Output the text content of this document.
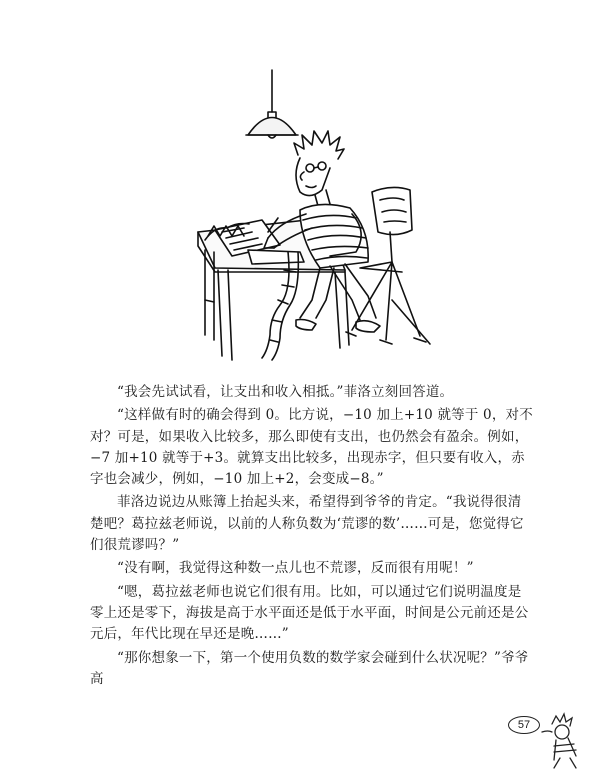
“我会先试试看，让支出和收入相抵。”菲洛立刻回答道。

“这样做有时的确会得到 0。比方说，−10 加上+10 就等于 0，对不对？可是，如果收入比较多，那么即使有支出，也仍然会有盈余。例如，−7 加+10 就等于+3。就算支出比较多，出现赤字，但只要有收入，赤字也会减少，例如，−10 加上+2，会变成−8。”

菲洛边说边从账簿上抬起头来，希望得到爷爷的肯定。“我说得很清楚吧？葛拉兹老师说，以前的人称负数为‘荒谬的数’……可是，您觉得它们很荒谬吗？”

“没有啊，我觉得这种数一点儿也不荒谬，反而很有用呢！”

“嗯，葛拉兹老师也说它们很有用。比如，可以通过它们说明温度是零上还是零下，海拔是高于水平面还是低于水平面，时间是公元前还是公元后，年代比现在早还是晚……”

“那你想象一下，第一个使用负数的数学家会碰到什么状况呢？”爷爷高

57
